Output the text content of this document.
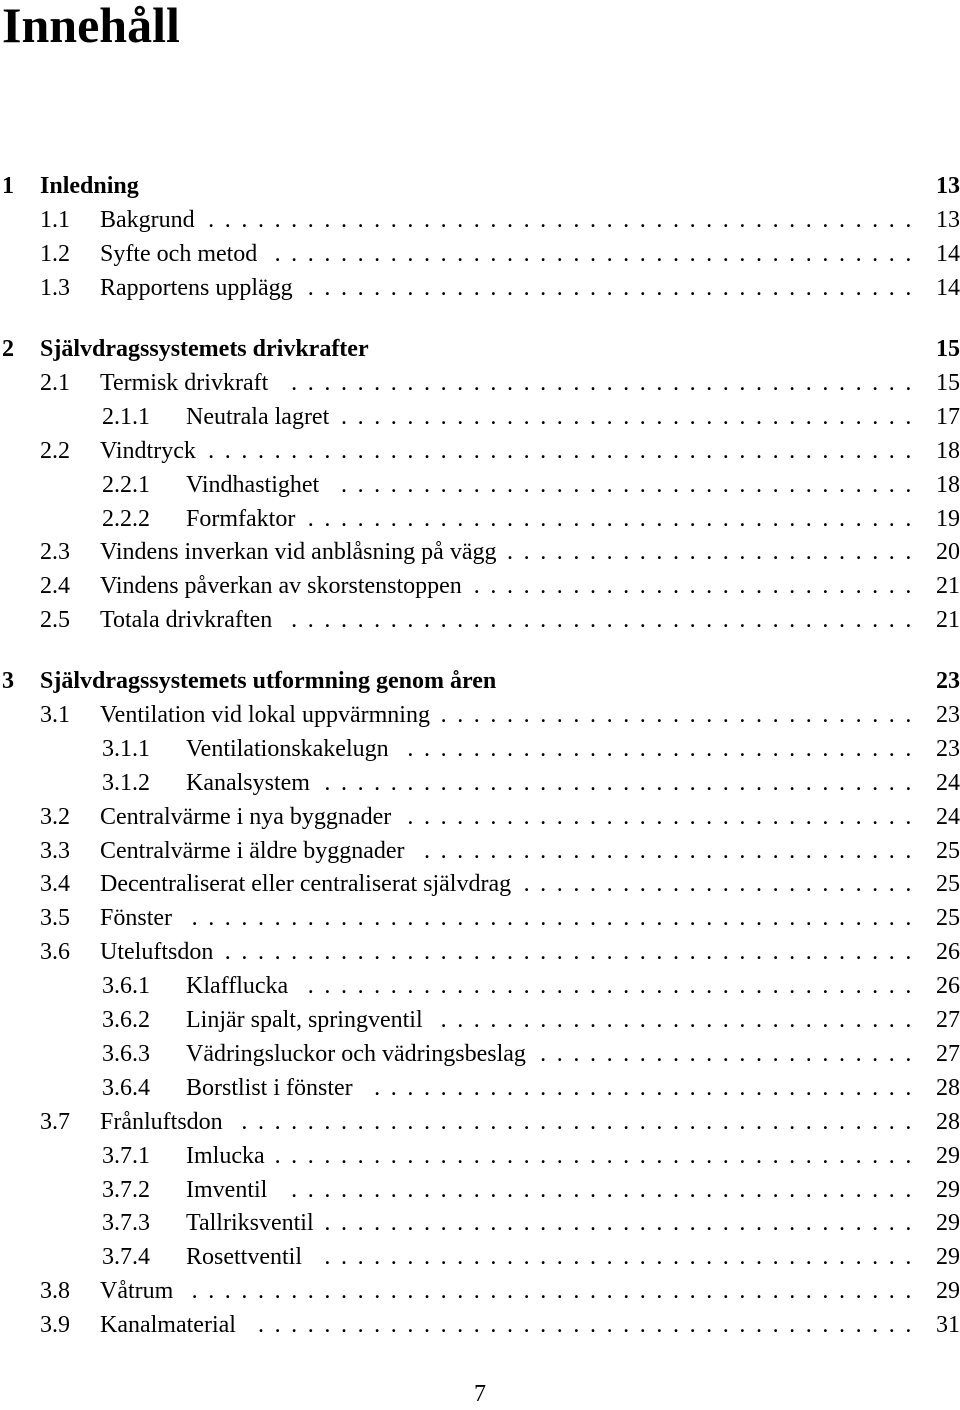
Innehåll
1 Inledning	13
1.1 Bakgrund	13
...........................................
1.2 Syfte och metod	14
.......................................
1.3 Rapportens upplägg	14
.....................................
2 Självdragssystemets drivkrafter	15
2.1 Termisk drivkraft	15
......................................
2.1.1 Neutrala lagret	17
...................................
2.2 Vindtryck	18
...........................................
2.2.1 Vindhastighet	18
...................................
2.2.2 Formfaktor	19
.....................................
2.3 Vindens inverkan vid anblåsning på vägg	20
.........................
2.4 Vindens påverkan av skorstenstoppen	21
...........................
2.5 Totala drivkraften	21
......................................
3 Självdragssystemets utformning genom åren	23
3.1 Ventilation vid lokal uppvärmning	23
.............................
3.1.1 Ventilationskakelugn	23
...............................
3.1.2 Kanalsystem	24
....................................
3.2 Centralvärme i nya byggnader	24
...............................
3.3 Centralvärme i äldre byggnader	25
..............................
3.4 Decentraliserat eller centraliserat självdrag	25
........................
3.5 Fönster	25
............................................
3.6 Uteluftsdon	26
..........................................
3.6.1 Klafflucka	26
.....................................
3.6.2 Linjär spalt, springventil	27
.............................
3.6.3 Vädringsluckor och vädringsbeslag	27
.......................
3.6.4 Borstlist i fönster	28
.................................
3.7 Frånluftsdon	28
.........................................
3.7.1 Imlucka	29
.......................................
3.7.2 Imventil	29
......................................
3.7.3 Tallriksventil	29
....................................
3.7.4 Rosettventil	29
....................................
3.8 Våtrum	29
............................................
3.9 Kanalmaterial	31
........................................
7
